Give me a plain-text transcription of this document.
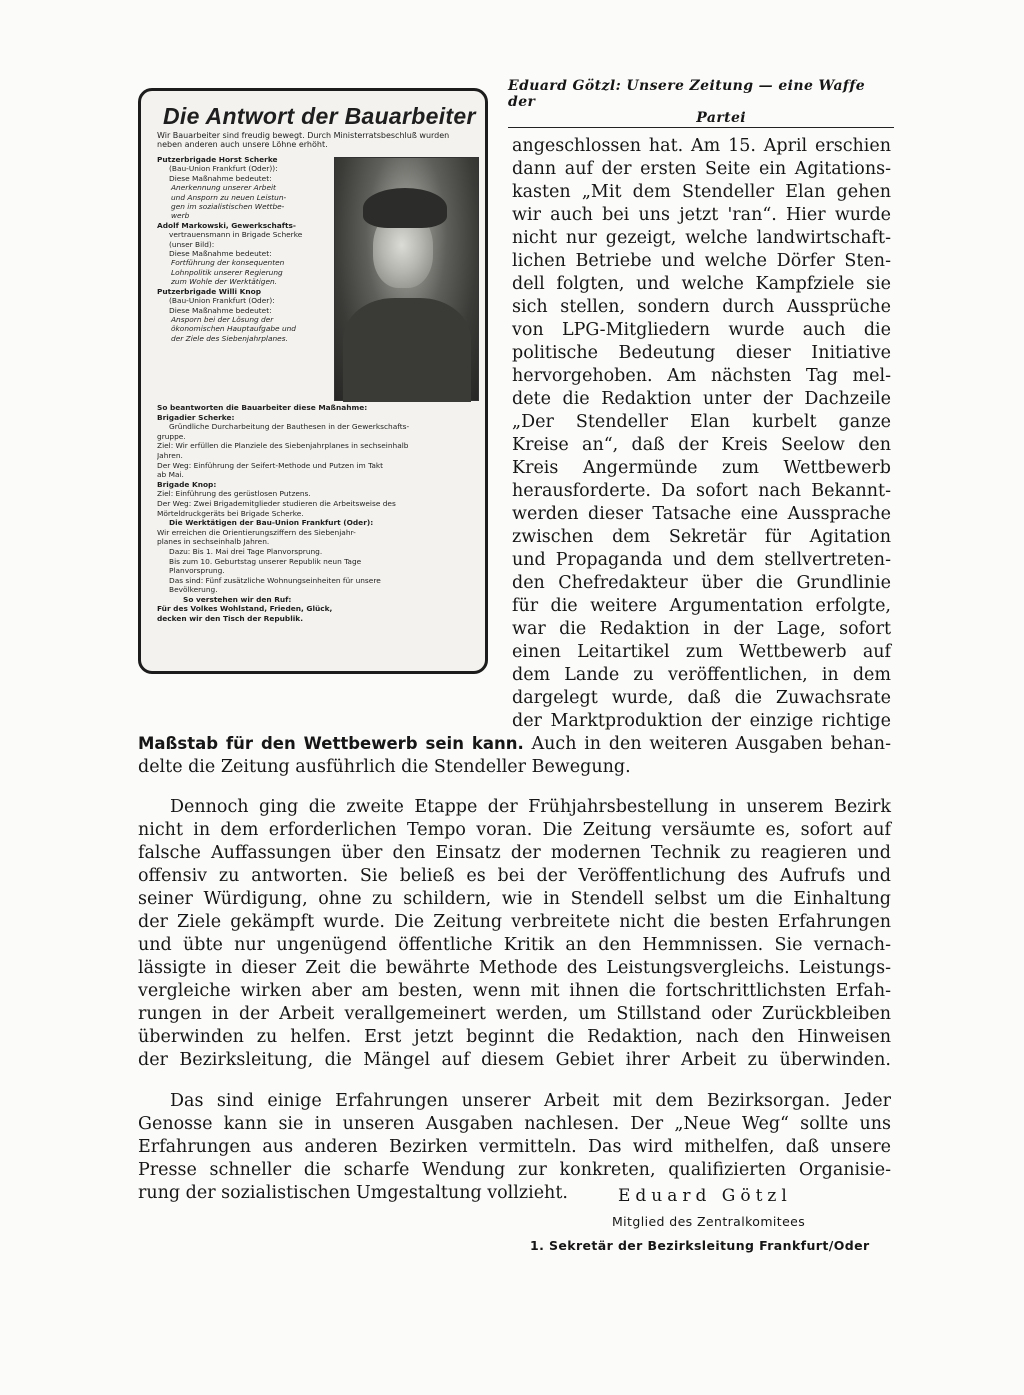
Eduard Götzl: Unsere Zeitung — eine Waffe der
Partei
Die Antwort der Bauarbeiter
Wir Bauarbeiter sind freudig bewegt. Durch Ministerratsbeschluß wurden neben anderen auch unsere Löhne erhöht.
Putzerbrigade Horst Scherke
(Bau-Union Frankfurt (Oder)):
Diese Maßnahme bedeutet:
Anerkennung unserer Arbeit
und Ansporn zu neuen Leistun-
gen im sozialistischen Wettbe-
werb
Adolf Markowski, Gewerkschafts-
vertrauensmann in Brigade Scherke
(unser Bild):
Diese Maßnahme bedeutet:
Fortführung der konsequenten
Lohnpolitik unserer Regierung
zum Wohle der Werktätigen.
Putzerbrigade Willi Knop
(Bau-Union Frankfurt (Oder):
Diese Maßnahme bedeutet:
Ansporn bei der Lösung der
ökonomischen Hauptaufgabe und
der Ziele des Siebenjahrplanes.
So beantworten die Bauarbeiter diese Maßnahme:
Brigadier Scherke:
Gründliche Durcharbeitung der Bauthesen in der Gewerkschafts-
gruppe.
Ziel: Wir erfüllen die Planziele des Siebenjahrplanes in sechseinhalb
Jahren.
Der Weg: Einführung der Seifert-Methode und Putzen im Takt
ab Mai.
Brigade Knop:
Ziel: Einführung des gerüstlosen Putzens.
Der Weg: Zwei Brigademitglieder studieren die Arbeitsweise des
Mörteldruckgeräts bei Brigade Scherke.
Die Werktätigen der Bau-Union Frankfurt (Oder):
Wir erreichen die Orientierungsziffern des Siebenjahr-
planes in sechseinhalb Jahren.
Dazu: Bis 1. Mai drei Tage Planvorsprung.
Bis zum 10. Geburtstag unserer Republik neun Tage
Planvorsprung.
Das sind: Fünf zusätzliche Wohnungseinheiten für unsere
Bevölkerung.
So verstehen wir den Ruf:
Für des Volkes Wohlstand, Frieden, Glück,
decken wir den Tisch der Republik.
angeschlossen hat. Am 15. April erschien
dann auf der ersten Seite ein Agitations-
kasten „Mit dem Stendeller Elan gehen
wir auch bei uns jetzt 'ran“. Hier wurde
nicht nur gezeigt, welche landwirtschaft-
lichen Betriebe und welche Dörfer Sten-
dell folgten, und welche Kampfziele sie
sich stellen, sondern durch Aussprüche
von LPG-Mitgliedern wurde auch die
politische Bedeutung dieser Initiative
hervorgehoben. Am nächsten Tag mel-
dete die Redaktion unter der Dachzeile
„Der Stendeller Elan kurbelt ganze
Kreise an“, daß der Kreis Seelow den
Kreis Angermünde zum Wettbewerb
herausforderte. Da sofort nach Bekannt-
werden dieser Tatsache eine Aussprache
zwischen dem Sekretär für Agitation
und Propaganda und dem stellvertreten-
den Chefredakteur über die Grundlinie
für die weitere Argumentation erfolgte,
war die Redaktion in der Lage, sofort
einen Leitartikel zum Wettbewerb auf
dem Lande zu veröffentlichen, in dem
dargelegt wurde, daß die Zuwachsrate
der Marktproduktion der einzige richtige
Maßstab für den Wettbewerb sein kann. Auch in den weiteren Ausgaben behan-
delte die Zeitung ausführlich die Stendeller Bewegung.
Dennoch ging die zweite Etappe der Frühjahrsbestellung in unserem Bezirk
nicht in dem erforderlichen Tempo voran. Die Zeitung versäumte es, sofort auf
falsche Auffassungen über den Einsatz der modernen Technik zu reagieren und
offensiv zu antworten. Sie beließ es bei der Veröffentlichung des Aufrufs und
seiner Würdigung, ohne zu schildern, wie in Stendell selbst um die Einhaltung
der Ziele gekämpft wurde. Die Zeitung verbreitete nicht die besten Erfahrungen
und übte nur ungenügend öffentliche Kritik an den Hemmnissen. Sie vernach-
lässigte in dieser Zeit die bewährte Methode des Leistungsvergleichs. Leistungs-
vergleiche wirken aber am besten, wenn mit ihnen die fortschrittlichsten Erfah-
rungen in der Arbeit verallgemeinert werden, um Stillstand oder Zurückbleiben
überwinden zu helfen. Erst jetzt beginnt die Redaktion, nach den Hinweisen
der Bezirksleitung, die Mängel auf diesem Gebiet ihrer Arbeit zu überwinden.
Das sind einige Erfahrungen unserer Arbeit mit dem Bezirksorgan. Jeder
Genosse kann sie in unseren Ausgaben nachlesen. Der „Neue Weg“ sollte uns
Erfahrungen aus anderen Bezirken vermitteln. Das wird mithelfen, daß unsere
Presse schneller die scharfe Wendung zur konkreten, qualifizierten Organisie-
rung der sozialistischen Umgestaltung vollzieht.	Eduard Götzl
Mitglied des Zentralkomitees
1. Sekretär der Bezirksleitung Frankfurt/Oder
